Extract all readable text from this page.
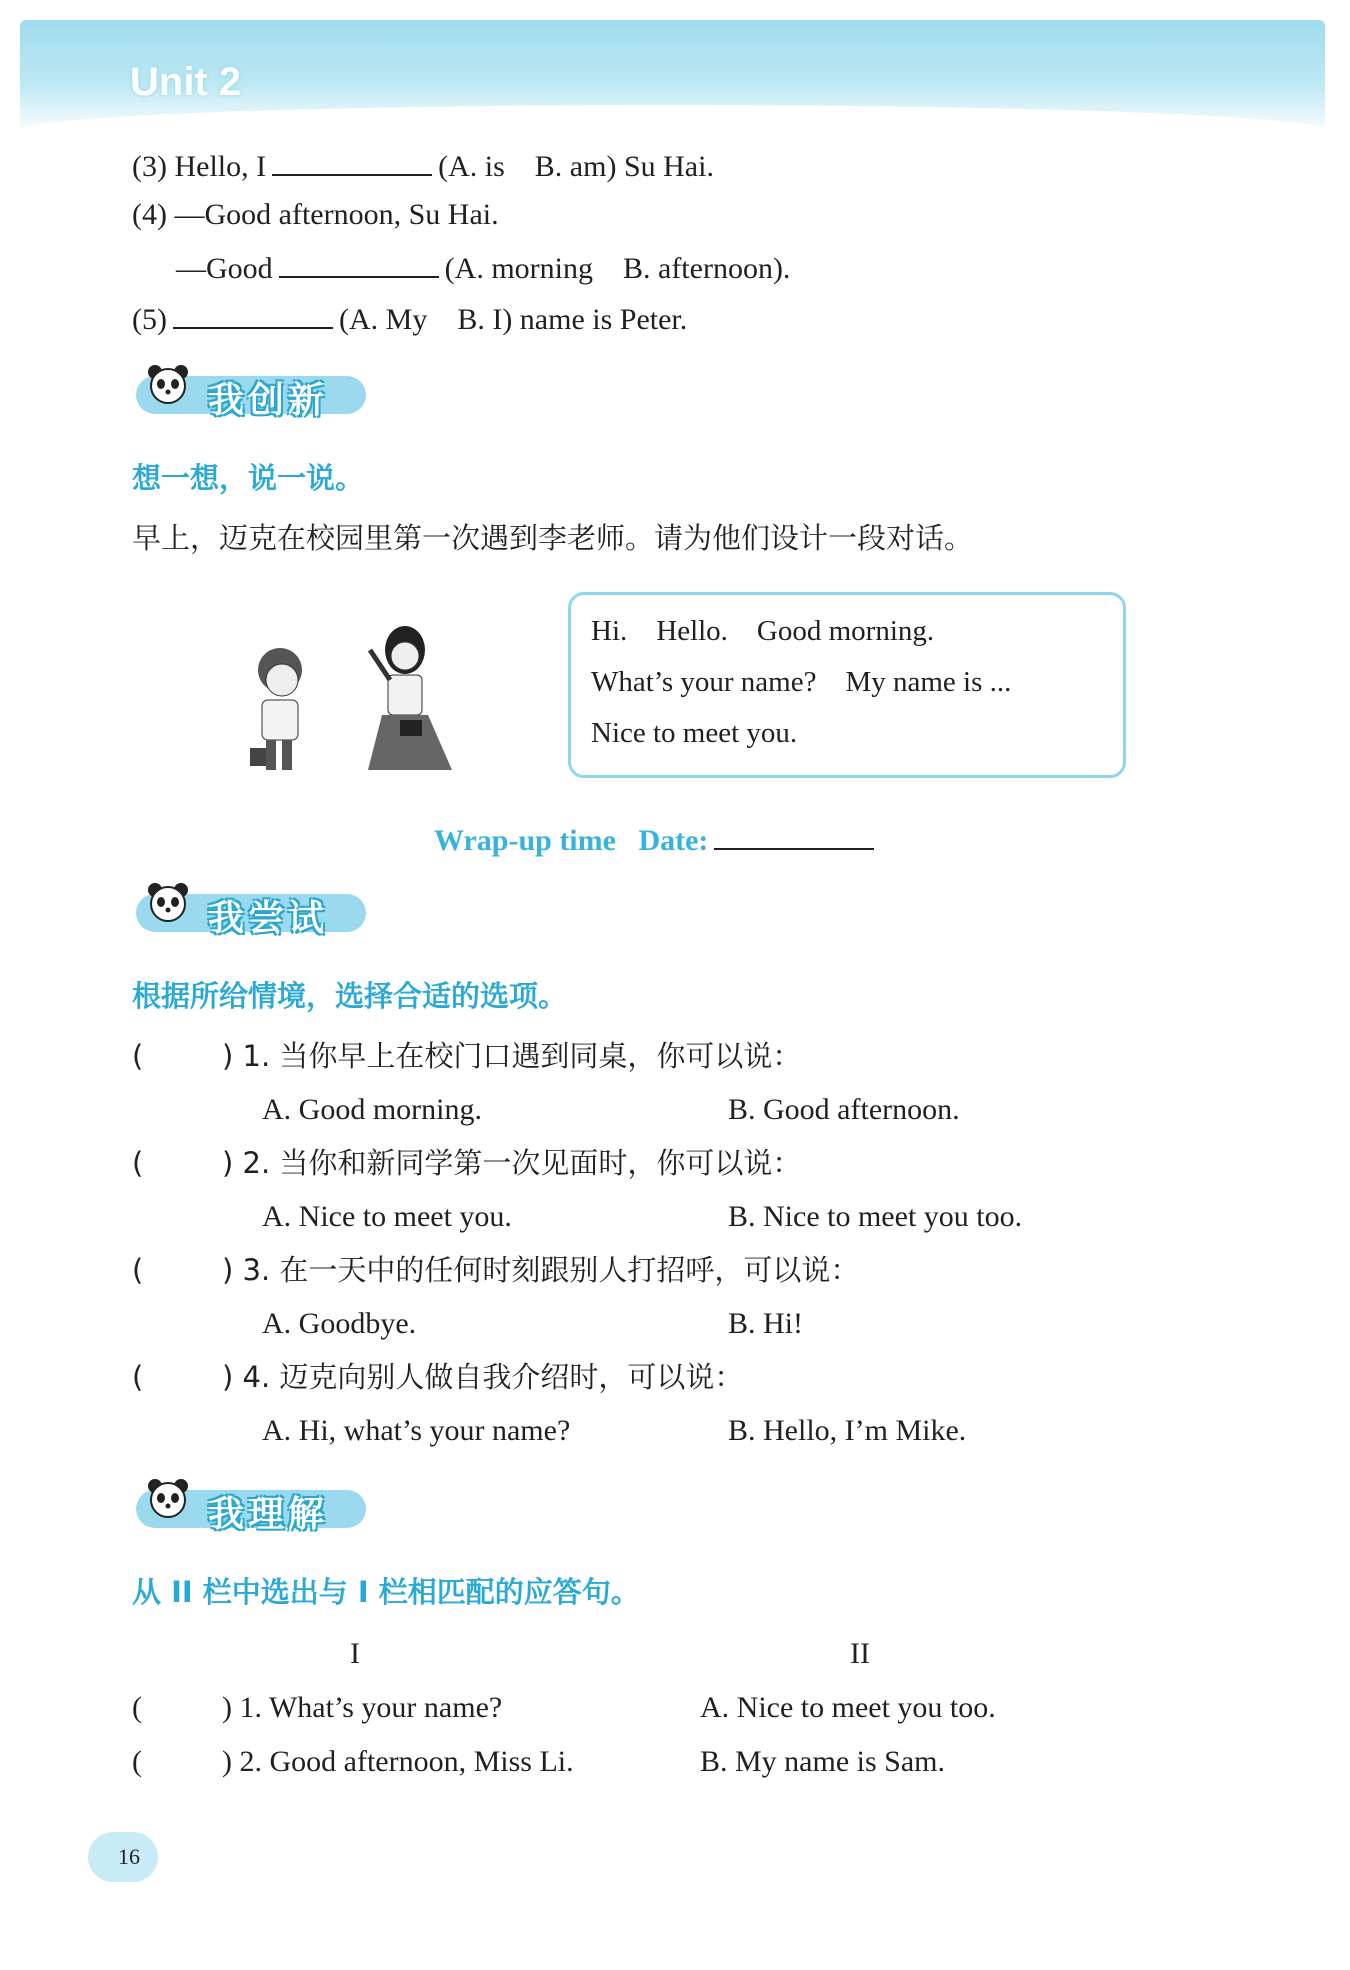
Unit 2
(3) Hello, I	(A. is    B. am) Su Hai.
(4) —Good afternoon, Su Hai.
—Good	(A. morning    B. afternoon).
(5)	(A. My    B. I) name is Peter.
我创新
想一想，说一说。
早上，迈克在校园里第一次遇到李老师。请为他们设计一段对话。
Hi.    Hello.    Good morning.
What’s your name?    My name is ...
Nice to meet you.
Wrap-up time Date:
我尝试
根据所给情境，选择合适的选项。
(	) 1. 当你早上在校门口遇到同桌，你可以说：
A. Good morning.	B. Good afternoon.
(	) 2. 当你和新同学第一次见面时，你可以说：
A. Nice to meet you.	B. Nice to meet you too.
(	) 3. 在一天中的任何时刻跟别人打招呼，可以说：
A. Goodbye.	B. Hi!
(	) 4. 迈克向别人做自我介绍时，可以说：
A. Hi, what’s your name?	B. Hello, I’m Mike.
我理解
从 II 栏中选出与 I 栏相匹配的应答句。
I	II
(	) 1. What’s your name?	A. Nice to meet you too.
(	) 2. Good afternoon, Miss Li.	B. My name is Sam.
16
